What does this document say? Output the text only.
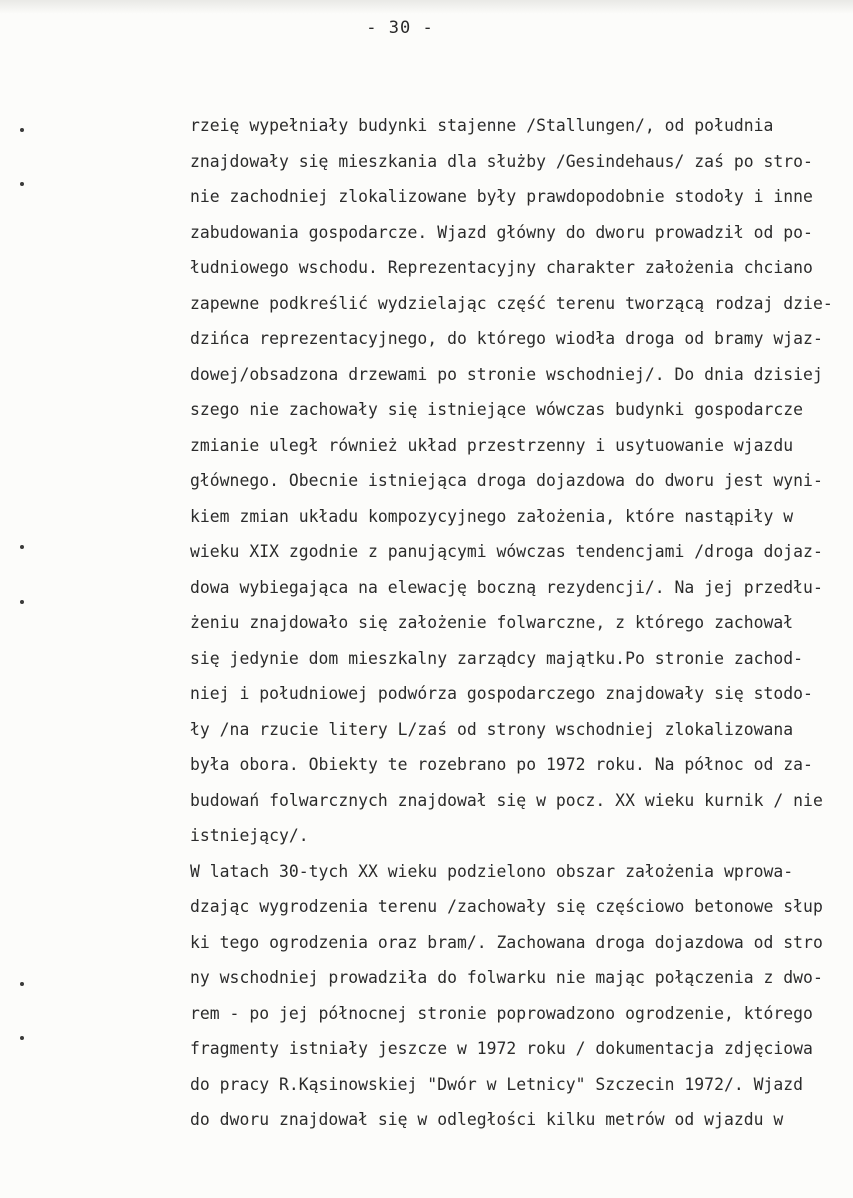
- 30 -
rzeię wypełniały budynki stajenne /Stallungen/, od południa
znajdowały się mieszkania dla służby /Gesindehaus/ zaś po stro-
nie zachodniej zlokalizowane były prawdopodobnie stodoły i inne
zabudowania gospodarcze. Wjazd główny do dworu prowadził od po-
łudniowego wschodu. Reprezentacyjny charakter założenia chciano
zapewne podkreślić wydzielając część terenu tworzącą rodzaj dzie-
dzińca reprezentacyjnego, do którego wiodła droga od bramy wjaz-
dowej/obsadzona drzewami po stronie wschodniej/. Do dnia dzisiej
szego nie zachowały się istniejące wówczas budynki gospodarcze
zmianie uległ również układ przestrzenny i usytuowanie wjazdu
głównego. Obecnie istniejąca droga dojazdowa do dworu jest wyni-
kiem zmian układu kompozycyjnego założenia, które nastąpiły w
wieku XIX zgodnie z panującymi wówczas tendencjami /droga dojaz-
dowa wybiegająca na elewację boczną rezydencji/. Na jej przedłu-
żeniu znajdowało się założenie folwarczne, z którego zachował
się jedynie dom mieszkalny zarządcy majątku.Po stronie zachod-
niej i południowej podwórza gospodarczego znajdowały się stodo-
ły /na rzucie litery L/zaś od strony wschodniej zlokalizowana
była obora. Obiekty te rozebrano po 1972 roku. Na północ od za-
budowań folwarcznych znajdował się w pocz. XX wieku kurnik / nie
istniejący/.
W latach 30-tych XX wieku podzielono obszar założenia wprowa-
dzając wygrodzenia terenu /zachowały się częściowo betonowe słup
ki tego ogrodzenia oraz bram/. Zachowana droga dojazdowa od stro
ny wschodniej prowadziła do folwarku nie mając połączenia z dwo-
rem - po jej północnej stronie poprowadzono ogrodzenie, którego
fragmenty istniały jeszcze w 1972 roku / dokumentacja zdjęciowa
do pracy R.Kąsinowskiej "Dwór w Letnicy" Szczecin 1972/. Wjazd
do dworu znajdował się w odległości kilku metrów od wjazdu w
